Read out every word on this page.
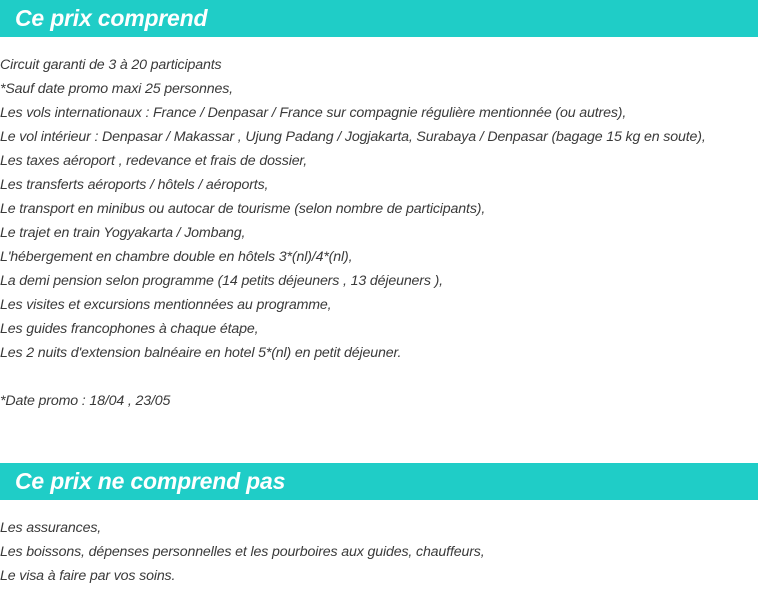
Ce prix comprend
Circuit garanti de 3 à 20 participants
*Sauf date promo maxi 25 personnes,
Les vols internationaux : France / Denpasar / France sur compagnie régulière mentionnée (ou autres),
Le vol intérieur : Denpasar / Makassar , Ujung Padang / Jogjakarta, Surabaya / Denpasar (bagage 15 kg en soute),
Les taxes aéroport , redevance et frais de dossier,
Les transferts aéroports / hôtels / aéroports,
Le transport en minibus ou autocar de tourisme (selon nombre de participants),
Le trajet en train Yogyakarta / Jombang,
L'hébergement en chambre double en hôtels 3*(nl)/4*(nl),
La demi pension selon programme (14 petits déjeuners , 13 déjeuners ),
Les visites et excursions mentionnées au programme,
Les guides francophones à chaque étape,
Les 2 nuits d'extension balnéaire en hotel 5*(nl) en petit déjeuner.
*Date promo : 18/04 , 23/05
Ce prix ne comprend pas
Les assurances,
Les boissons, dépenses personnelles et les pourboires aux guides, chauffeurs,
Le visa à faire par vos soins.
